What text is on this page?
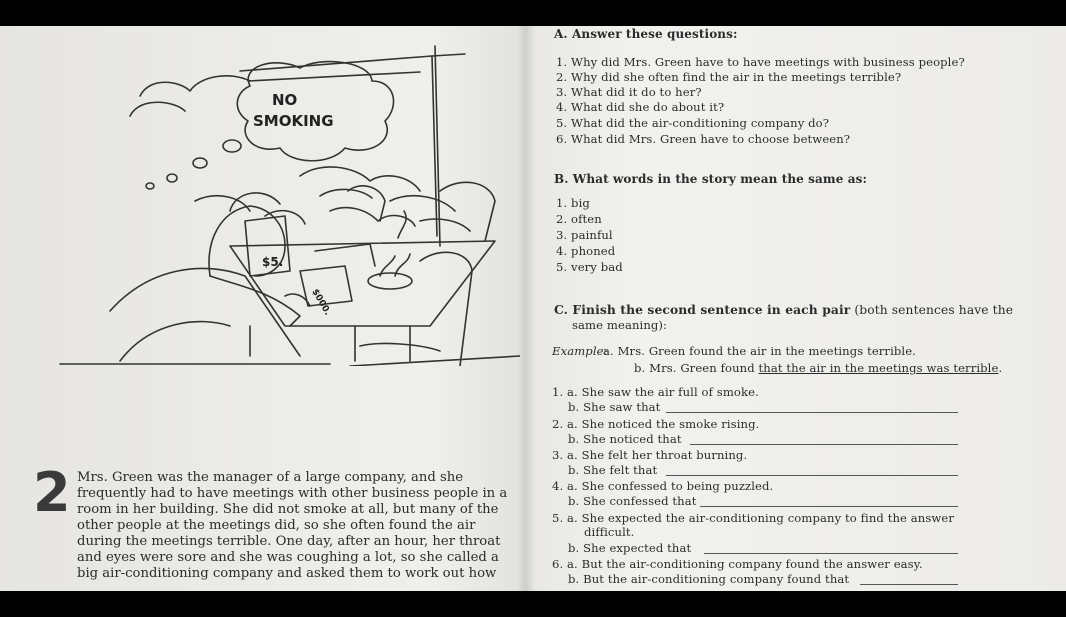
NO
SMOKING
$5.
$000.
2 Mrs. Green was the manager of a large company, and she
frequently had to have meetings with other business people in a
room in her building. She did not smoke at all, but many of the
other people at the meetings did, so she often found the air
during the meetings terrible. One day, after an hour, her throat
and eyes were sore and she was coughing a lot, so she called a
big air-conditioning company and asked them to work out how
A. Answer these questions:
1. Why did Mrs. Green have to have meetings with business people?
2. Why did she often find the air in the meetings terrible?
3. What did it do to her?
4. What did she do about it?
5. What did the air-conditioning company do?
6. What did Mrs. Green have to choose between?
B. What words in the story mean the same as:
1. big
2. often
3. painful
4. phoned
5. very bad
C. Finish the second sentence in each pair (both sentences have the
same meaning):
Example:
a. Mrs. Green found the air in the meetings terrible.
b. Mrs. Green found that the air in the meetings was terrible.
1. a. She saw the air full of smoke.
b. She saw that
2. a. She noticed the smoke rising.
b. She noticed that
3. a. She felt her throat burning.
b. She felt that
4. a. She confessed to being puzzled.
b. She confessed that
5. a. She expected the air-conditioning company to find the answer
difficult.
b. She expected that
6. a. But the air-conditioning company found the answer easy.
b. But the air-conditioning company found that
